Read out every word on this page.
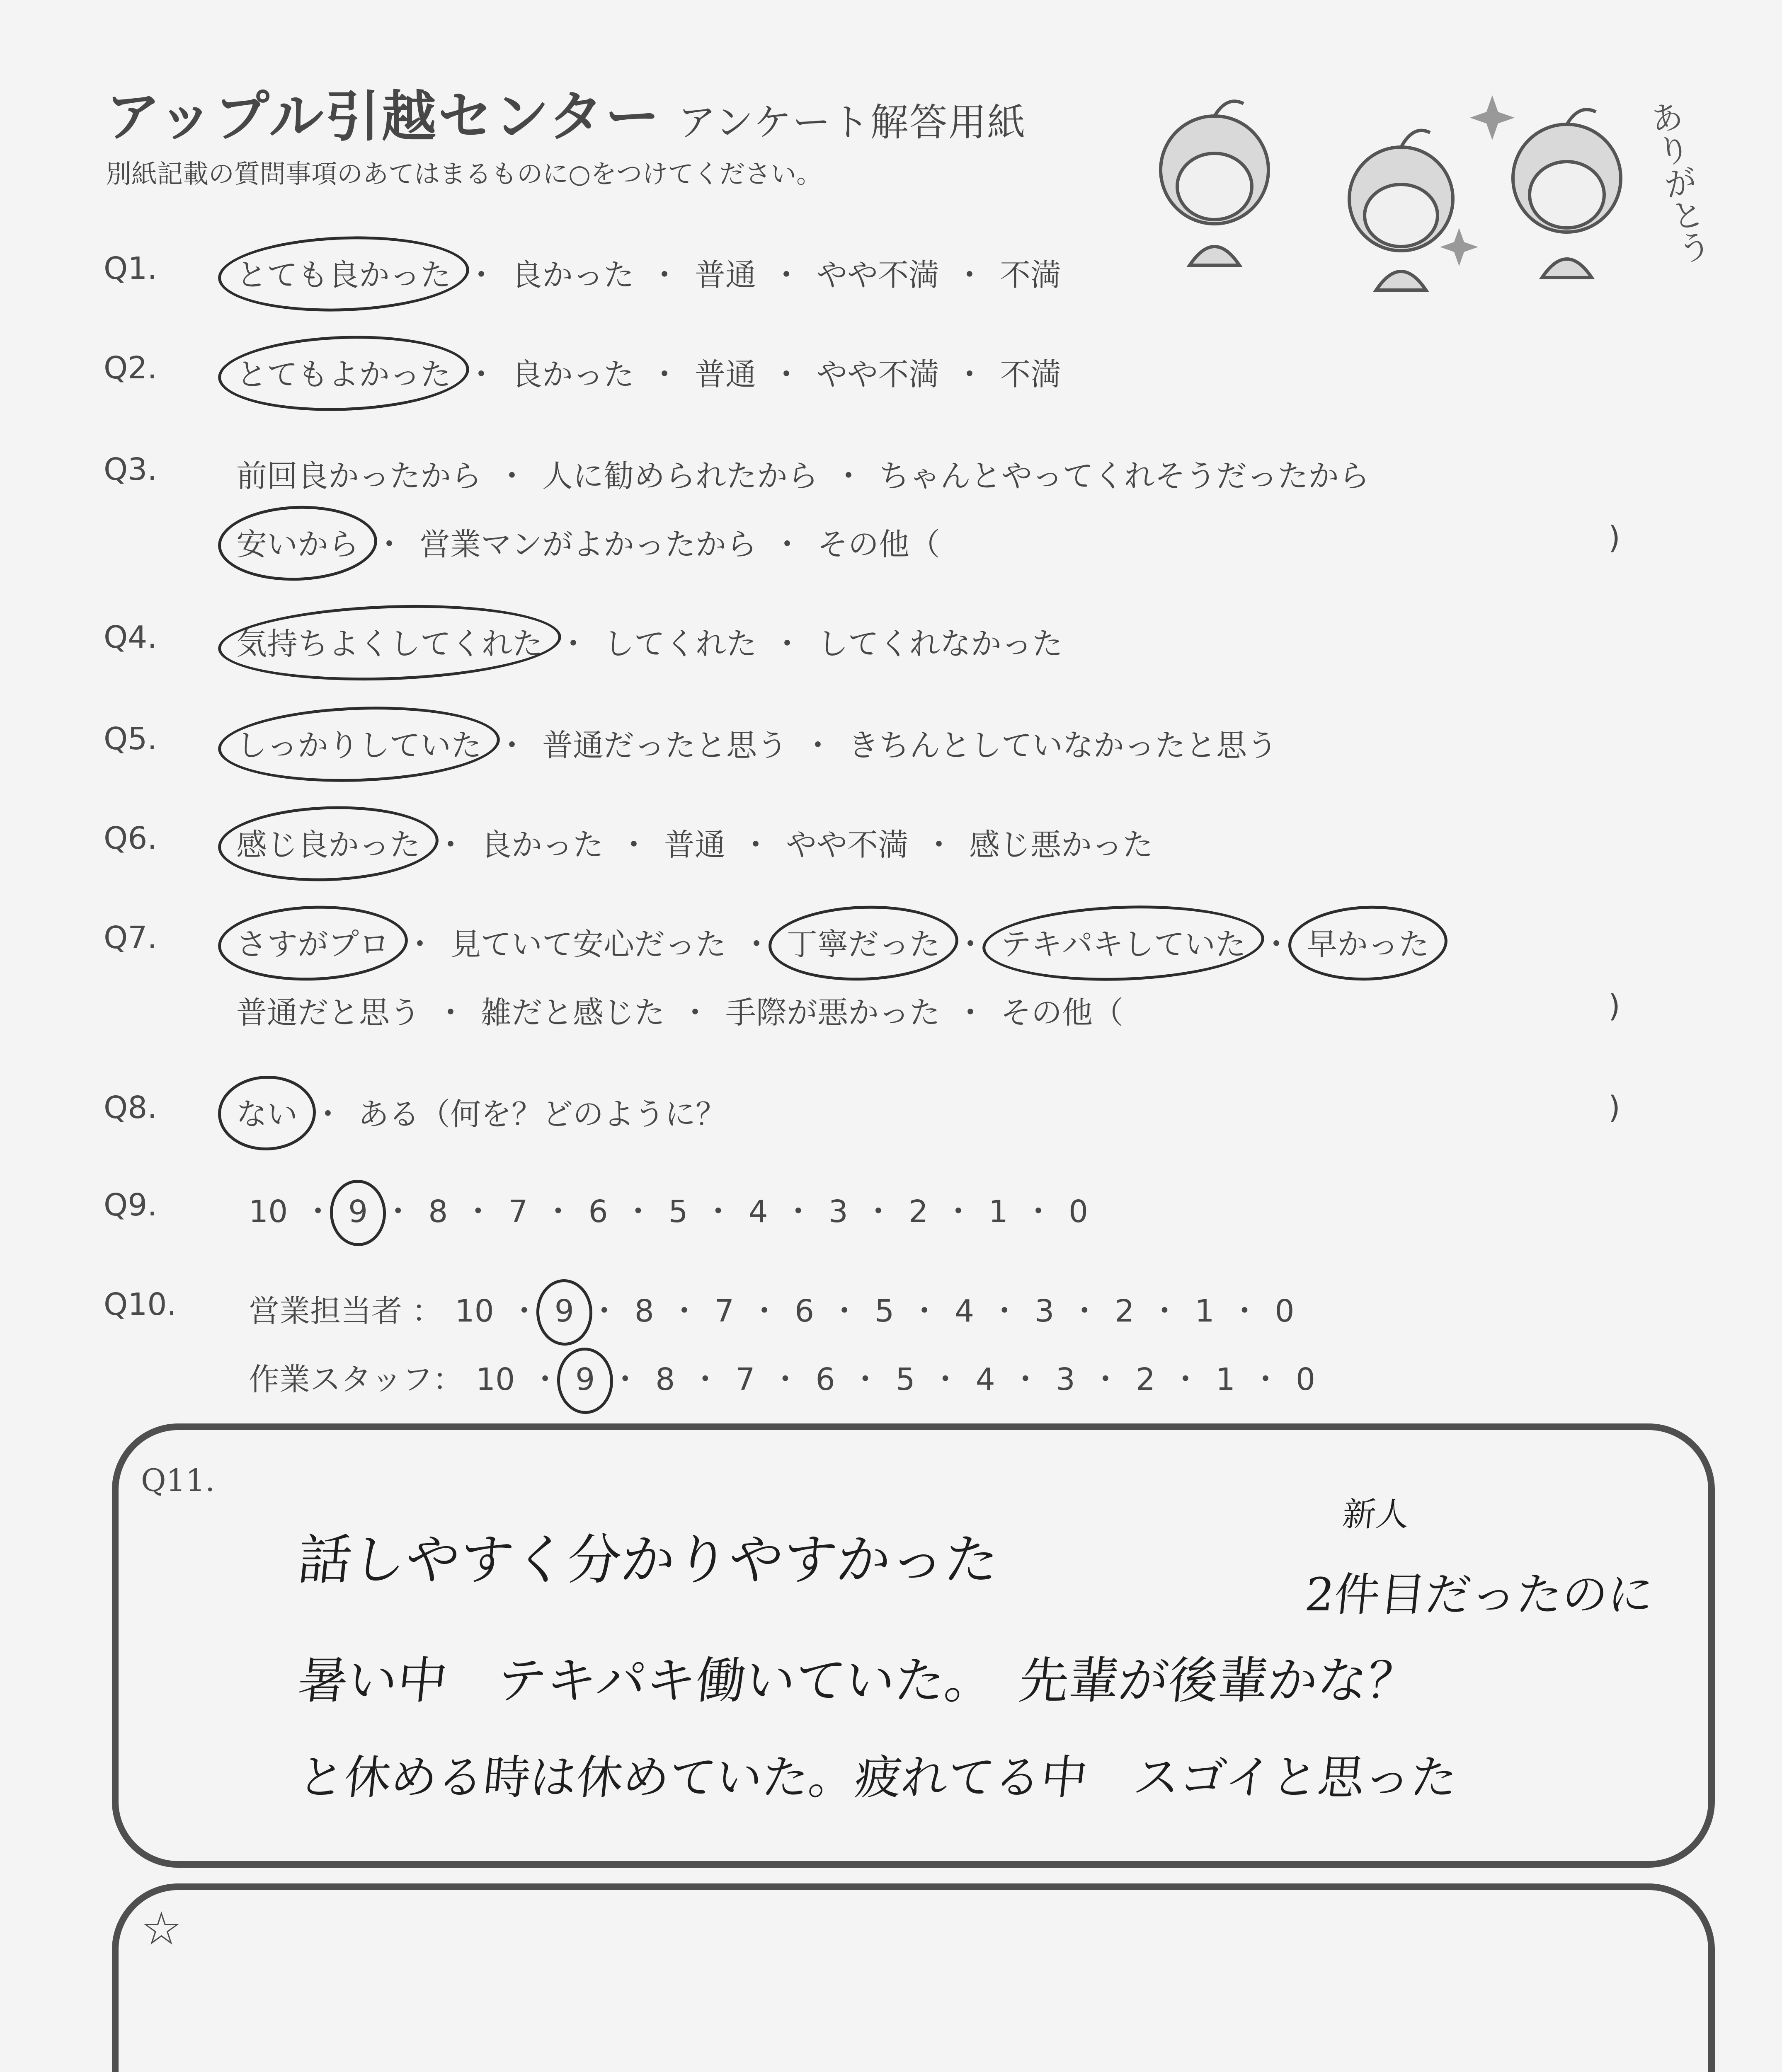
アップル引越センター アンケート解答用紙
別紙記載の質問事項のあてはまるものに○をつけてください。	ありがとう
Q1.	とても良かった ・ 良かった ・ 普通 ・ やや不満 ・ 不満
Q2.	とてもよかった ・ 良かった ・ 普通 ・ やや不満 ・ 不満
Q3.	前回良かったから ・ 人に勧められたから ・ ちゃんとやってくれそうだったから
安いから ・ 営業マンがよかったから ・ その他（	)
Q4.	気持ちよくしてくれた ・ してくれた ・ してくれなかった
Q5.	しっかりしていた ・ 普通だったと思う ・ きちんとしていなかったと思う
Q6.	感じ良かった ・ 良かった ・ 普通 ・ やや不満 ・ 感じ悪かった
Q7.	さすがプロ ・ 見ていて安心だった ・ 丁寧だった ・ テキパキしていた ・ 早かった
普通だと思う ・ 雑だと感じた ・ 手際が悪かった ・ その他（	)
Q8.	ない ・ ある（何を？どのように？	)
Q9.	10 ・ 9 ・ 8 ・ 7 ・ 6 ・ 5 ・ 4 ・ 3 ・ 2 ・ 1 ・ 0
Q10. 営業担当者 ： 10 ・ 9 ・ 8 ・ 7 ・ 6 ・ 5 ・ 4 ・ 3 ・ 2 ・ 1 ・ 0
作業スタッフ： 10 ・ 9 ・ 8 ・ 7 ・ 6 ・ 5 ・ 4 ・ 3 ・ 2 ・ 1 ・ 0
Q11.
新人
話しやすく分かりやすかった
2件目だったのに
暑い中　テキパキ働いていた。　先輩が後輩かな？
と休める時は休めていた。疲れてる中　スゴイと思った
☆
